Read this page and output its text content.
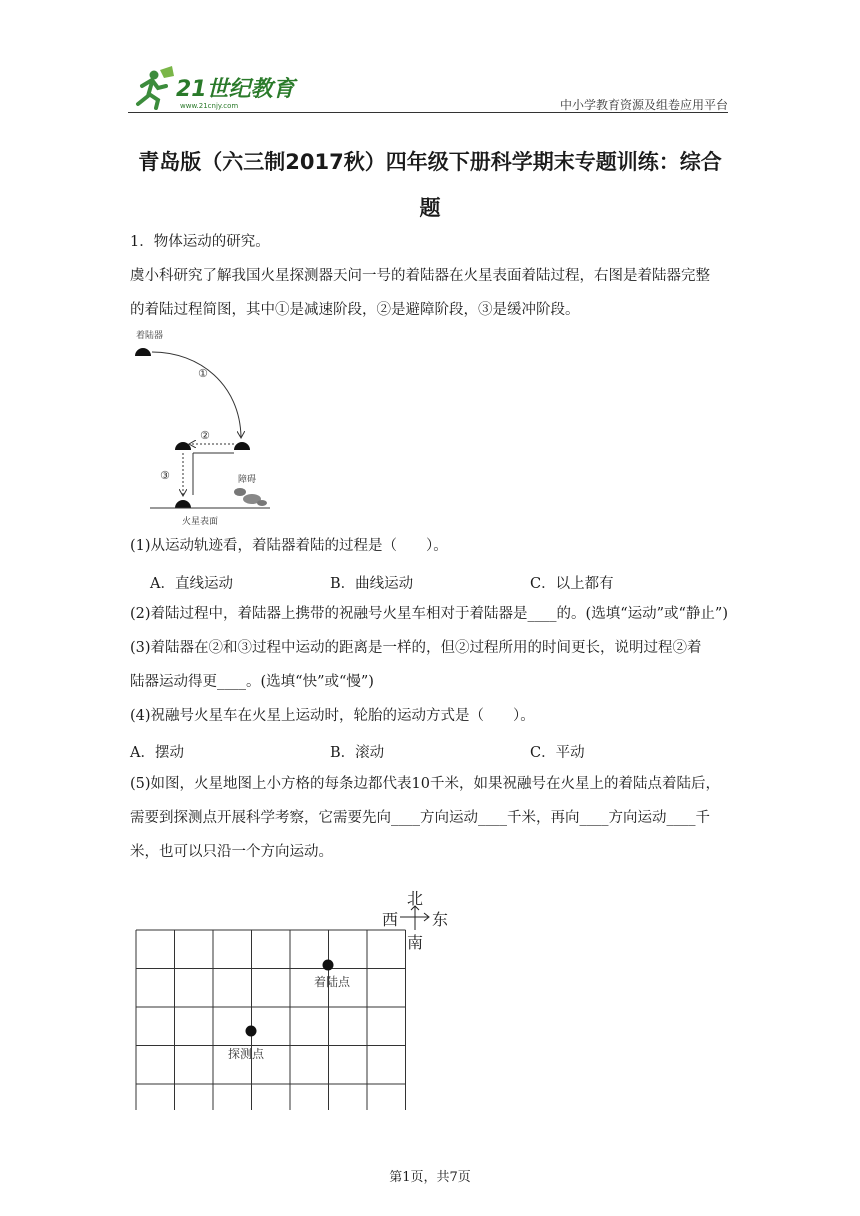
21世纪教育
www.21cnjy.com	中小学教育资源及组卷应用平台
青岛版（六三制2017秋）四年级下册科学期末专题训练：综合
题
1．物体运动的研究。
虞小科研究了解我国火星探测器天问一号的着陆器在火星表面着陆过程，右图是着陆器完整
的着陆过程简图，其中①是减速阶段，②是避障阶段，③是缓冲阶段。
着陆器
①
②
③	障碍
火星表面
(1)从运动轨迹看，着陆器着陆的过程是（　　）。
A．直线运动	B．曲线运动	C．以上都有
(2)着陆过程中，着陆器上携带的祝融号火星车相对于着陆器是____的。(选填“运动”或“静止”)
(3)着陆器在②和③过程中运动的距离是一样的，但②过程所用的时间更长，说明过程②着
陆器运动得更____。(选填“快”或“慢”)
(4)祝融号火星车在火星上运动时，轮胎的运动方式是（　　）。
A．摆动	B．滚动	C．平动
(5)如图，火星地图上小方格的每条边都代表10千米，如果祝融号在火星上的着陆点着陆后，
需要到探测点开展科学考察，它需要先向____方向运动____千米，再向____方向运动____千
米，也可以只沿一个方向运动。
北
西 东
南
着陆点
探测点
第1页，共7页
